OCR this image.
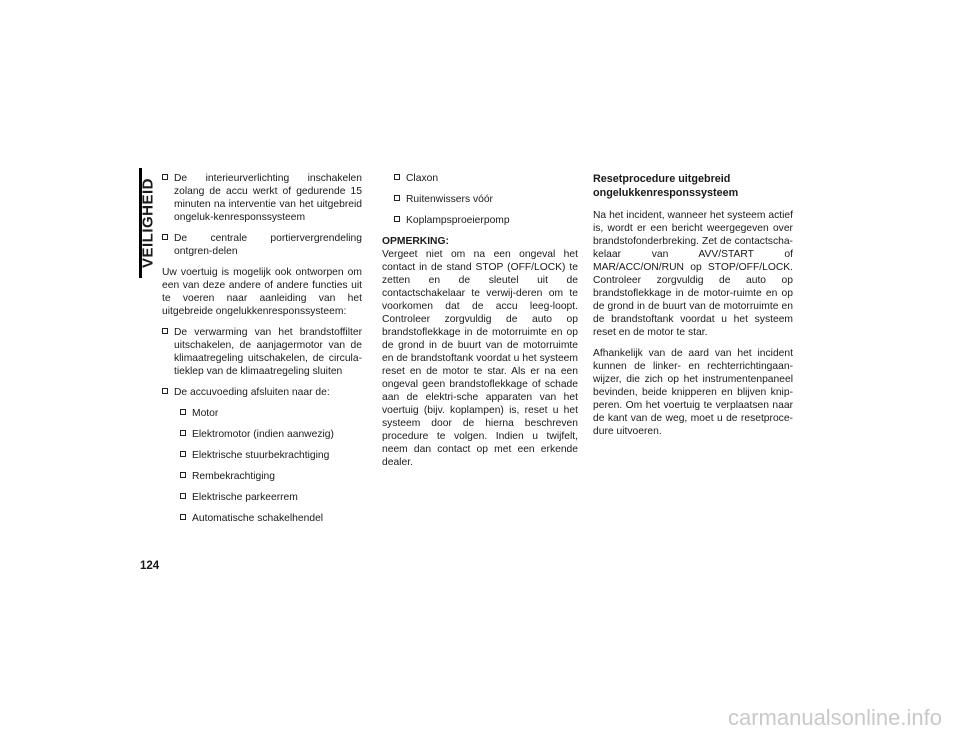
VEILIGHEID
124
De interieurverlichting inschakelen zolang de accu werkt of gedurende 15 minuten na interventie van het uitgebreid ongeluk-kenresponssysteem
De centrale portiervergrendeling ontgren-delen

Uw voertuig is mogelijk ook ontworpen om een van deze andere of andere functies uit te voeren naar aanleiding van het uitgebreide ongelukkenresponssysteem:

De verwarming van het brandstoffilter uitschakelen, de aanjagermotor van de klimaatregeling uitschakelen, de circula-tieklep van de klimaatregeling sluiten
De accuvoeding afsluiten naar de:
Motor
Elektromotor (indien aanwezig)
Elektrische stuurbekrachtiging
Rembekrachtiging
Elektrische parkeerrem
Automatische schakelhendel
Claxon
Ruitenwissers vóór
Koplampsproeierpomp
OPMERKING:

Vergeet niet om na een ongeval het contact in de stand STOP (OFF/LOCK) te zetten en de sleutel uit de contactschakelaar te verwij-deren om te voorkomen dat de accu leeg-loopt. Controleer zorgvuldig de auto op brandstoflekkage in de motorruimte en op de grond in de buurt van de motorruimte en de brandstoftank voordat u het systeem reset en de motor te star. Als er na een ongeval geen brandstoflekkage of schade aan de elektri-sche apparaten van het voertuig (bijv. koplampen) is, reset u het systeem door de hierna beschreven procedure te volgen. Indien u twijfelt, neem dan contact op met een erkende dealer.

Resetprocedure uitgebreid
ongelukkenresponssysteem

Na het incident, wanneer het systeem actief is, wordt er een bericht weergegeven over brandstofonderbreking. Zet de contactscha-kelaar van AVV/START of MAR/ACC/ON/RUN op STOP/OFF/LOCK. Controleer zorgvuldig de auto op brandstoflekkage in de motor-ruimte en op de grond in de buurt van de motorruimte en de brandstoftank voordat u het systeem reset en de motor te star.

Afhankelijk van de aard van het incident kunnen de linker- en rechterrichtingaan-wijzer, die zich op het instrumentenpaneel bevinden, beide knipperen en blijven knip-peren. Om het voertuig te verplaatsen naar de kant van de weg, moet u de resetproce-dure uitvoeren.

carmanualsonline.info
